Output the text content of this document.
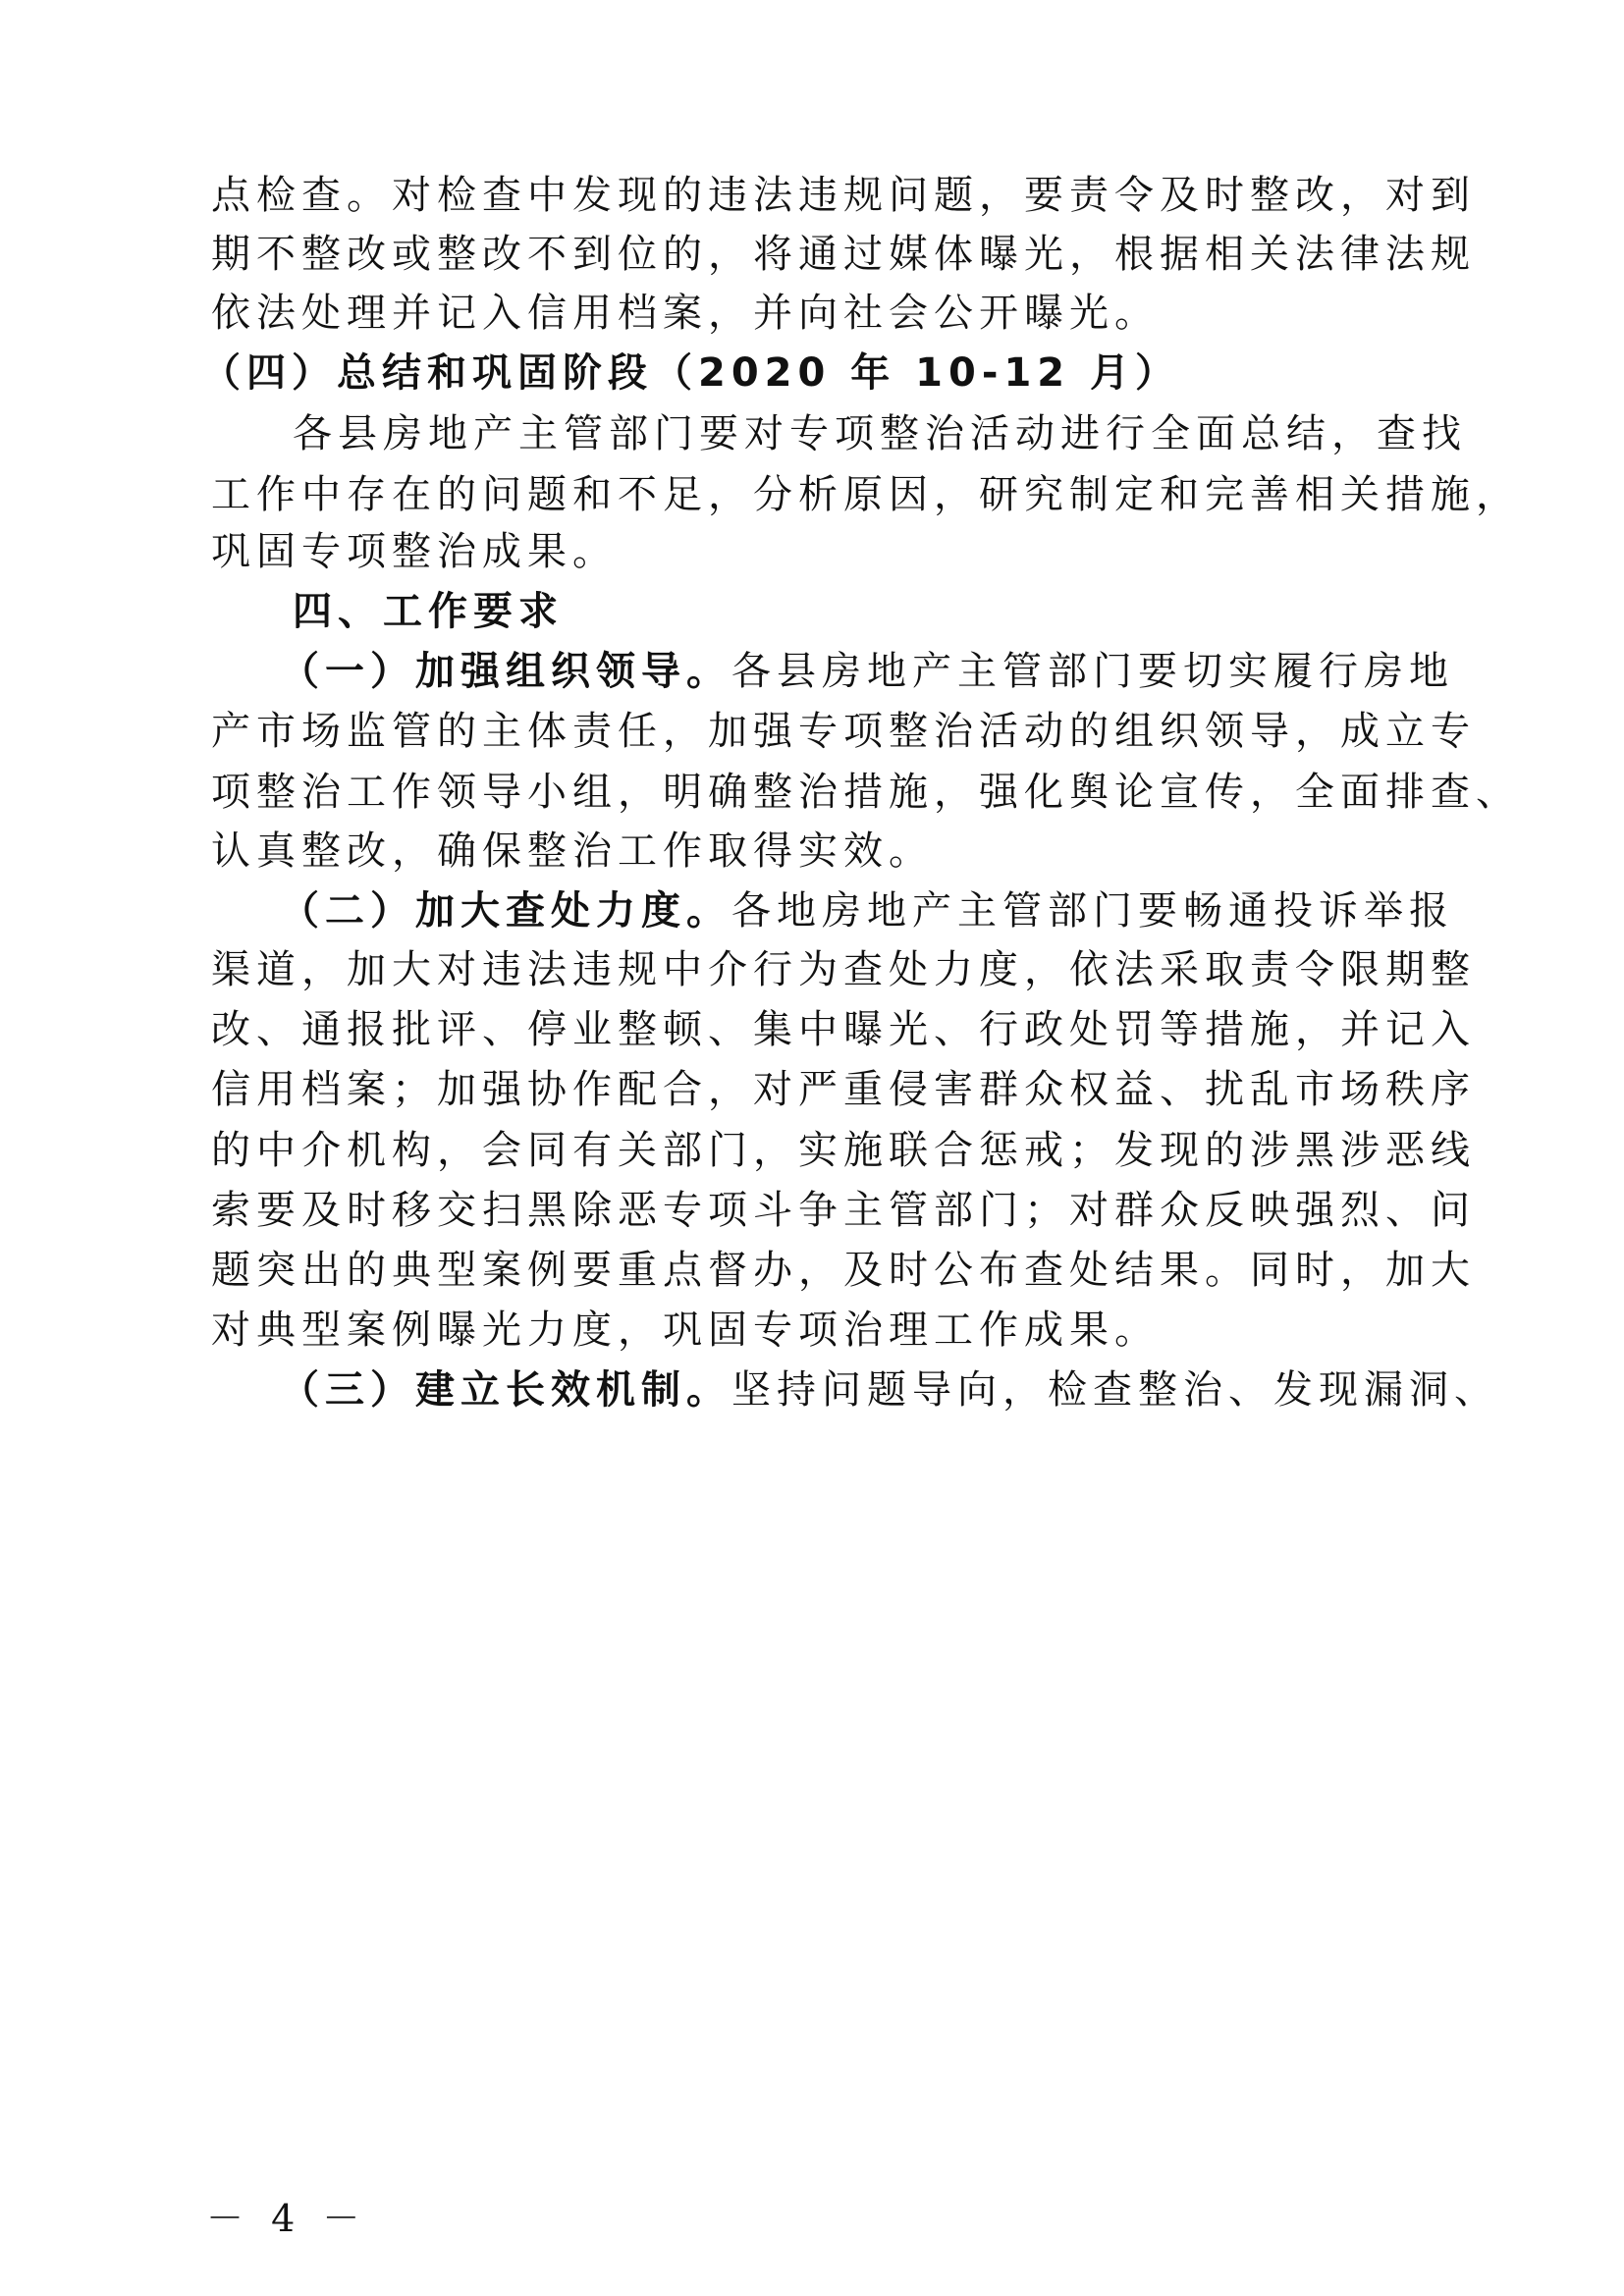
点检查。对检查中发现的违法违规问题，要责令及时整改，对到
期不整改或整改不到位的，将通过媒体曝光，根据相关法律法规
依法处理并记入信用档案，并向社会公开曝光。
（四）总结和巩固阶段（2020 年 10-12 月）
各县房地产主管部门要对专项整治活动进行全面总结，查找
工作中存在的问题和不足，分析原因，研究制定和完善相关措施，
巩固专项整治成果。
四、工作要求
（一）加强组织领导。各县房地产主管部门要切实履行房地
产市场监管的主体责任，加强专项整治活动的组织领导，成立专
项整治工作领导小组，明确整治措施，强化舆论宣传，全面排查、
认真整改，确保整治工作取得实效。
（二）加大查处力度。各地房地产主管部门要畅通投诉举报
渠道，加大对违法违规中介行为查处力度，依法采取责令限期整
改、通报批评、停业整顿、集中曝光、行政处罚等措施，并记入
信用档案；加强协作配合，对严重侵害群众权益、扰乱市场秩序
的中介机构，会同有关部门，实施联合惩戒；发现的涉黑涉恶线
索要及时移交扫黑除恶专项斗争主管部门；对群众反映强烈、问
题突出的典型案例要重点督办，及时公布查处结果。同时，加大
对典型案例曝光力度，巩固专项治理工作成果。
（三）建立长效机制。坚持问题导向，检查整治、发现漏洞、
－ 4 －
